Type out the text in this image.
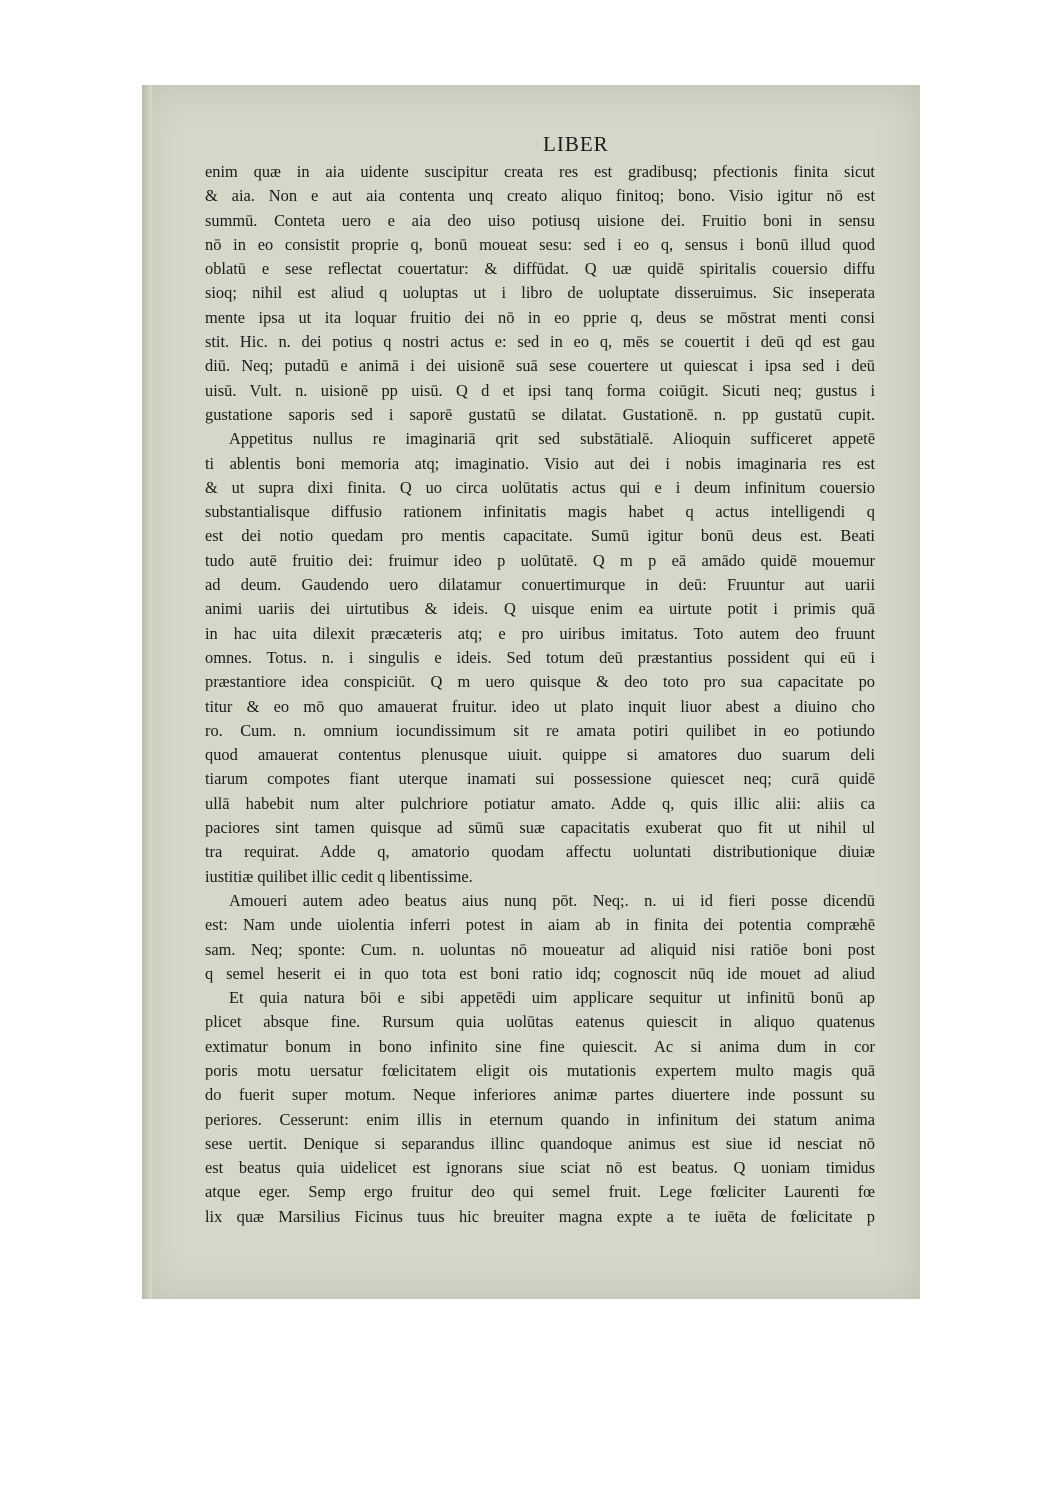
LIBER
enim quæ in aia uidente suscipitur creata res est gradibusq; pfectionis finita sicut
& aia. Non e aut aia contenta unq creato aliquo finitoq; bono. Visio igitur nō est
summū. Conteta uero e aia deo uiso potiusq uisione dei. Fruitio boni in sensu
nō in eo consistit proprie q, bonū moueat sesu: sed i eo q, sensus i bonū illud quod
oblatū e sese reflectat couertatur: & diffūdat. Q uæ quidē spiritalis couersio diffu
sioq; nihil est aliud q uoluptas ut i libro de uoluptate disseruimus. Sic inseperata
mente ipsa ut ita loquar fruitio dei nō in eo pprie q, deus se mōstrat menti consi
stit. Hic. n. dei potius q nostri actus e: sed in eo q, mēs se couertit i deū qd est gau
diū. Neq; putadū e animā i dei uisionē suā sese couertere ut quiescat i ipsa sed i deū
uisū. Vult. n. uisionē pp uisū. Q d et ipsi tanq forma coiūgit. Sicuti neq; gustus i
gustatione saporis sed i saporē gustatū se dilatat. Gustationē. n. pp gustatū cupit.
Appetitus nullus re imaginariā qrit sed substātialē. Alioquin sufficeret appetē
ti ablentis boni memoria atq; imaginatio. Visio aut dei i nobis imaginaria res est
& ut supra dixi finita. Q uo circa uolūtatis actus qui e i deum infinitum couersio
substantialisque diffusio rationem infinitatis magis habet q actus intelligendi q
est dei notio quedam pro mentis capacitate. Sumū igitur bonū deus est. Beati
tudo autē fruitio dei: fruimur ideo p uolūtatē. Q m p eā amādo quidē mouemur
ad deum. Gaudendo uero dilatamur conuertimurque in deū: Fruuntur aut uarii
animi uariis dei uirtutibus & ideis. Q uisque enim ea uirtute potit i primis quā
in hac uita dilexit præcæteris atq; e pro uiribus imitatus. Toto autem deo fruunt
omnes. Totus. n. i singulis e ideis. Sed totum deū præstantius possident qui eū i
præstantiore idea conspiciūt. Q m uero quisque & deo toto pro sua capacitate po
titur & eo mō quo amauerat fruitur. ideo ut plato inquit liuor abest a diuino cho
ro. Cum. n. omnium iocundissimum sit re amata potiri quilibet in eo potiundo
quod amauerat contentus plenusque uiuit. quippe si amatores duo suarum deli
tiarum compotes fiant uterque inamati sui possessione quiescet neq; curā quidē
ullā habebit num alter pulchriore potiatur amato. Adde q, quis illic alii: aliis ca
paciores sint tamen quisque ad sūmū suæ capacitatis exuberat quo fit ut nihil ul
tra requirat. Adde q, amatorio quodam affectu uoluntati distributionique diuiæ
iustitiæ quilibet illic cedit q libentissime.
Amoueri autem adeo beatus aius nunq pōt. Neq;. n. ui id fieri posse dicendū
est: Nam unde uiolentia inferri potest in aiam ab in finita dei potentia compræhē
sam. Neq; sponte: Cum. n. uoluntas nō moueatur ad aliquid nisi ratiōe boni post
q semel heserit ei in quo tota est boni ratio idq; cognoscit nūq ide mouet ad aliud
Et quia natura bōi e sibi appetēdi uim applicare sequitur ut infinitū bonū ap
plicet absque fine. Rursum quia uolūtas eatenus quiescit in aliquo quatenus
extimatur bonum in bono infinito sine fine quiescit. Ac si anima dum in cor
poris motu uersatur fœlicitatem eligit ois mutationis expertem multo magis quā
do fuerit super motum. Neque inferiores animæ partes diuertere inde possunt su
periores. Cesserunt: enim illis in eternum quando in infinitum dei statum anima
sese uertit. Denique si separandus illinc quandoque animus est siue id nesciat nō
est beatus quia uidelicet est ignorans siue sciat nō est beatus. Q uoniam timidus
atque eger. Semp ergo fruitur deo qui semel fruit. Lege fœliciter Laurenti fœ
lix quæ Marsilius Ficinus tuus hic breuiter magna expte a te iuēta de fœlicitate p
